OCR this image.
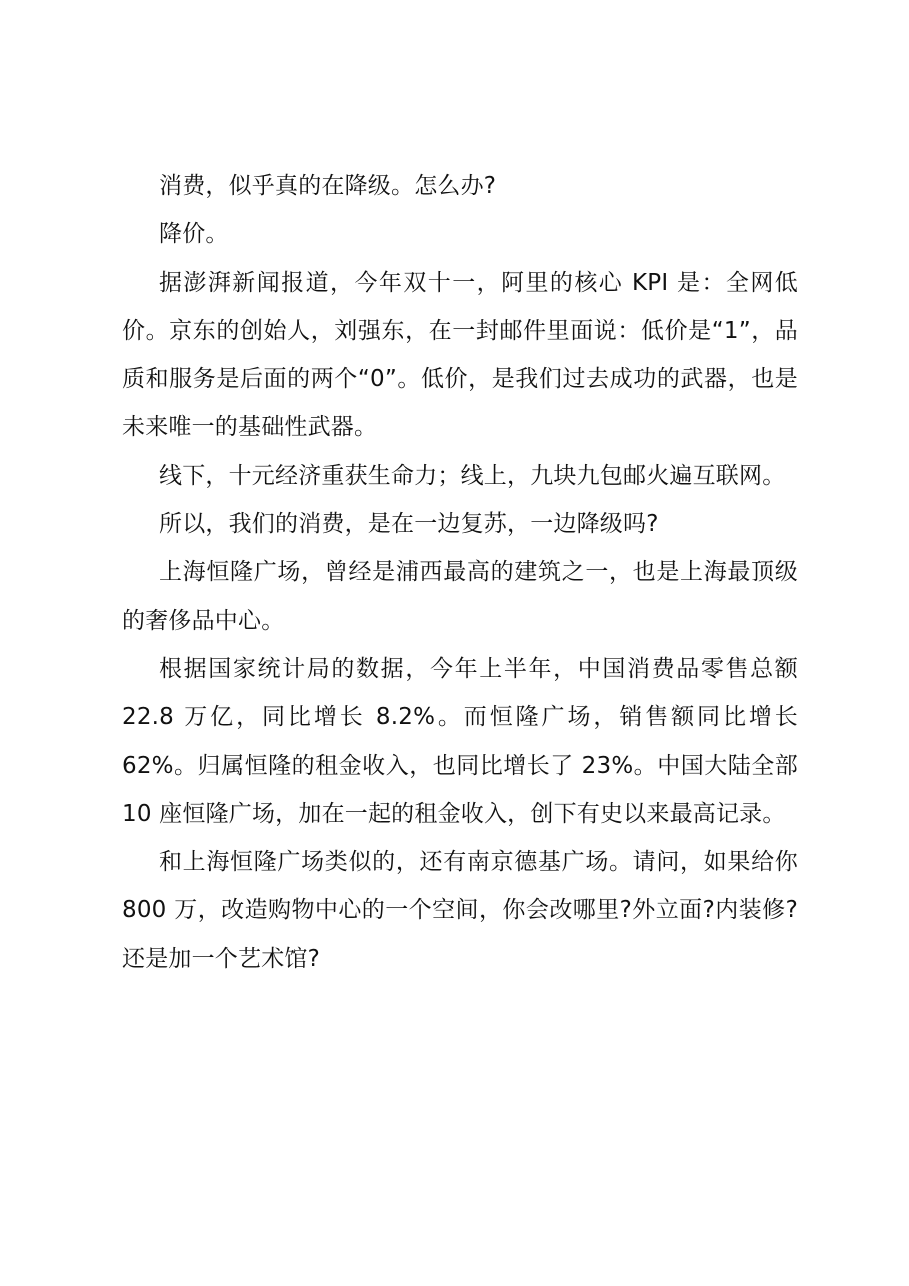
消费，似乎真的在降级。怎么办?

降价。

据澎湃新闻报道，今年双十一，阿里的核心 KPI 是：全网低价。京东的创始人，刘强东，在一封邮件里面说：低价是“1”，品质和服务是后面的两个“0”。低价，是我们过去成功的武器，也是未来唯一的基础性武器。

线下，十元经济重获生命力；线上，九块九包邮火遍互联网。

所以，我们的消费，是在一边复苏，一边降级吗?

上海恒隆广场，曾经是浦西最高的建筑之一，也是上海最顶级的奢侈品中心。

根据国家统计局的数据，今年上半年，中国消费品零售总额 22.8 万亿，同比增长 8.2%。而恒隆广场，销售额同比增长 62%。归属恒隆的租金收入，也同比增长了 23%。中国大陆全部 10 座恒隆广场，加在一起的租金收入，创下有史以来最高记录。

和上海恒隆广场类似的，还有南京德基广场。请问，如果给你 800 万，改造购物中心的一个空间，你会改哪里?外立面?内装修?还是加一个艺术馆?
